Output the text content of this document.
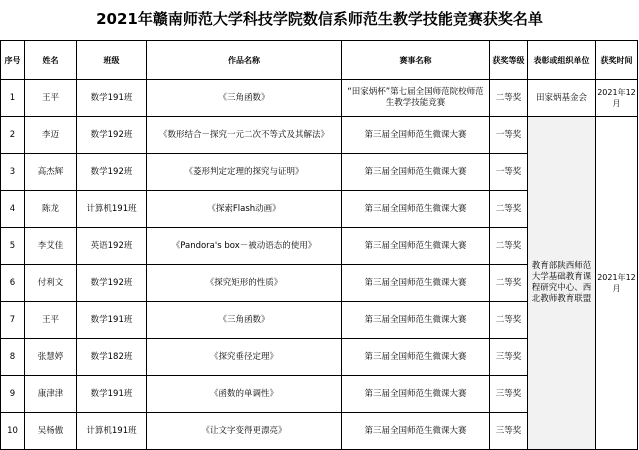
2021年赣南师范大学科技学院数信系师范生教学技能竞赛获奖名单
序号	姓名	班级	作品名称	赛事名称	获奖等级	表彰或组织单位	获奖时间
1	王平	数学191班	《三角函数》	“田家炳杯”第七届全国师范院校师范生教学技能竞赛	二等奖	田家炳基金会	2021年12月
2	李迈	数学192班	《数形结合－探究一元二次不等式及其解法》	第三届全国师范生微课大赛	一等奖	教育部陕西师范大学基础教育课程研究中心、西北教师教育联盟	2021年12月
3	高杰辉	数学192班	《菱形判定定理的探究与证明》	第三届全国师范生微课大赛	一等奖		
4	陈龙	计算机191班	《探索Flash动画》	第三届全国师范生微课大赛	二等奖		
5	李艾佳	英语192班	《Pandora's box－被动语态的使用》	第三届全国师范生微课大赛	二等奖		
6	付利文	数学192班	《探究矩形的性质》	第三届全国师范生微课大赛	二等奖		
7	王平	数学191班	《三角函数》	第三届全国师范生微课大赛	二等奖		
8	张慧婷	数学182班	《探究垂径定理》	第三届全国师范生微课大赛	三等奖		
9	康津津	数学191班	《函数的单调性》	第三届全国师范生微课大赛	三等奖		
10	吴杨傲	计算机191班	《让文字变得更漂亮》	第三届全国师范生微课大赛	三等奖		
